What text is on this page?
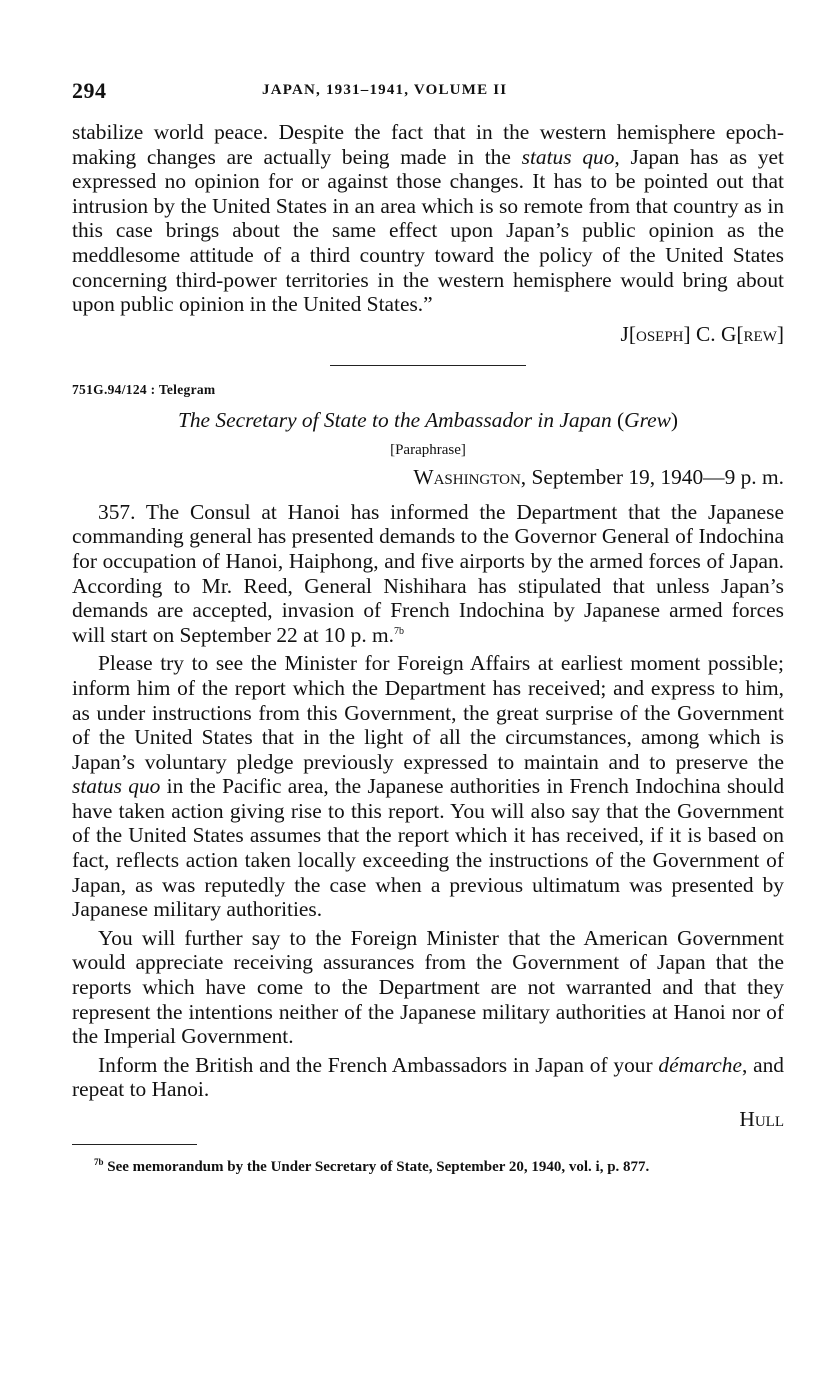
294	JAPAN, 1931–1941, VOLUME II

stabilize world peace. Despite the fact that in the western hemisphere epoch-making changes are actually being made in the status quo, Japan has as yet expressed no opinion for or against those changes. It has to be pointed out that intrusion by the United States in an area which is so remote from that country as in this case brings about the same effect upon Japan’s public opinion as the meddlesome attitude of a third country toward the policy of the United States concerning third-power territories in the western hemisphere would bring about upon public opinion in the United States.”

J[oseph] C. G[rew]
751G.94/124 : Telegram
The Secretary of State to the Ambassador in Japan (Grew)
[Paraphrase]
Washington, September 19, 1940—9 p. m.

357. The Consul at Hanoi has informed the Department that the Japanese commanding general has presented demands to the Governor General of Indochina for occupation of Hanoi, Haiphong, and five airports by the armed forces of Japan. According to Mr. Reed, General Nishihara has stipulated that unless Japan’s demands are accepted, invasion of French Indochina by Japanese armed forces will start on September 22 at 10 p. m.$^{7b}$

Please try to see the Minister for Foreign Affairs at earliest moment possible; inform him of the report which the Department has received; and express to him, as under instructions from this Government, the great surprise of the Government of the United States that in the light of all the circumstances, among which is Japan’s voluntary pledge previously expressed to maintain and to preserve the status quo in the Pacific area, the Japanese authorities in French Indochina should have taken action giving rise to this report. You will also say that the Government of the United States assumes that the report which it has received, if it is based on fact, reflects action taken locally exceeding the instructions of the Government of Japan, as was reputedly the case when a previous ultimatum was presented by Japanese military authorities.

You will further say to the Foreign Minister that the American Government would appreciate receiving assurances from the Government of Japan that the reports which have come to the Department are not warranted and that they represent the intentions neither of the Japanese military authorities at Hanoi nor of the Imperial Government.

Inform the British and the French Ambassadors in Japan of your démarche, and repeat to Hanoi.

Hull

$^{7b}$ See memorandum by the Under Secretary of State, September 20, 1940, vol. i, p. 877.
